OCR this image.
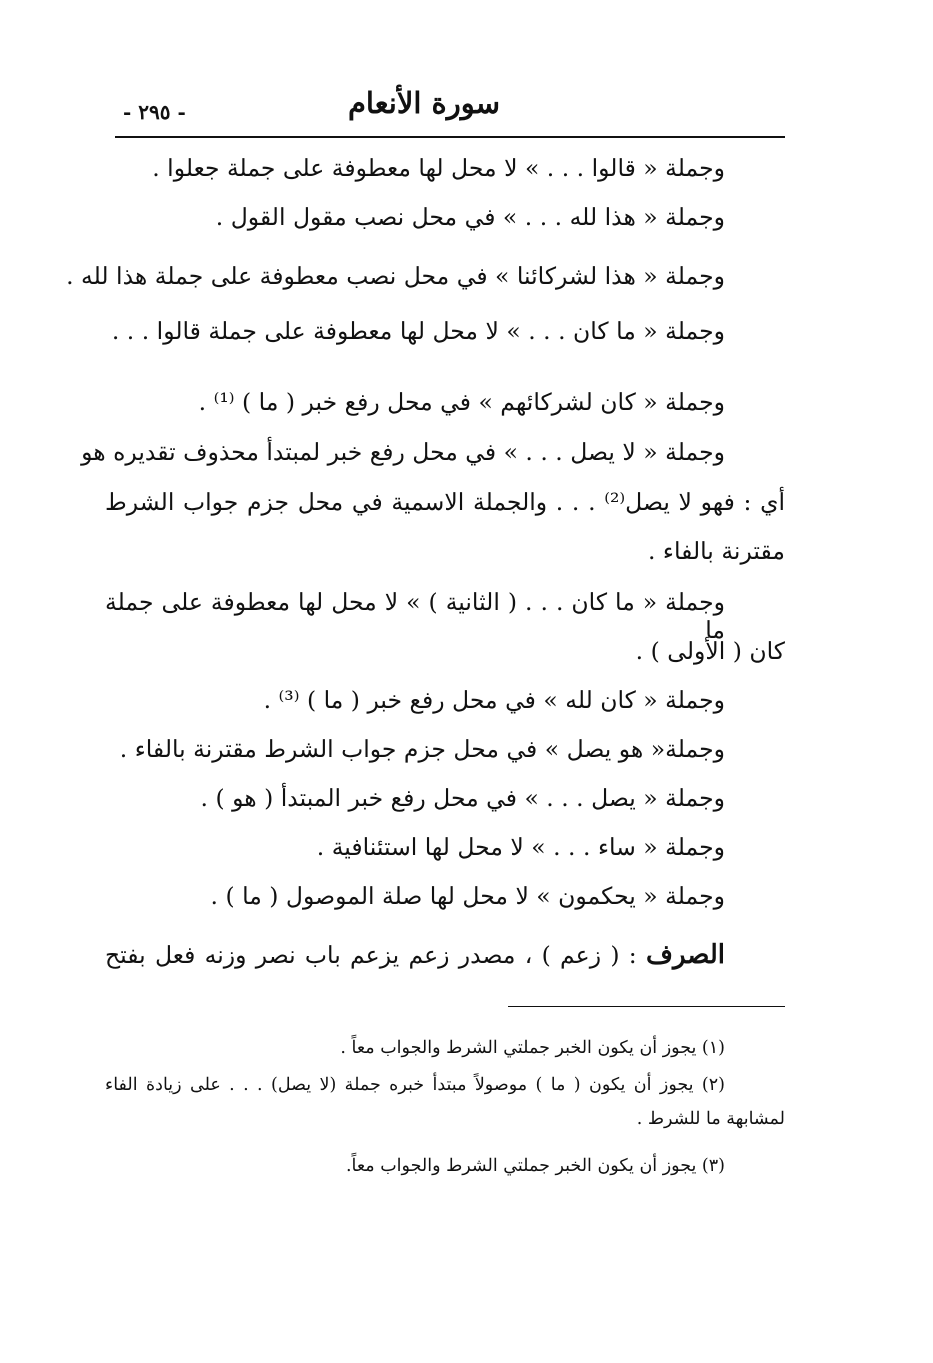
سورة الأنعام
- ٢٩٥ -
وجملة « قالوا . . . » لا محل لها معطوفة على جملة جعلوا .
وجملة « هذا لله . . . » في محل نصب مقول القول .
وجملة « هذا لشركائنا » في محل نصب معطوفة على جملة هذا لله .
وجملة « ما كان . . . » لا محل لها معطوفة على جملة قالوا . . .
وجملة « كان لشركائهم » في محل رفع خبر ( ما ) ⁽¹⁾ .
وجملة « لا يصل . . . » في محل رفع خبر لمبتدأ محذوف تقديره هو
أي : فهو لا يصل⁽²⁾ . . . والجملة الاسمية في محل جزم جواب الشرط
مقترنة بالفاء .
وجملة « ما كان . . . ( الثانية ) » لا محل لها معطوفة على جملة ما
كان ( الأولى ) .
وجملة « كان لله » في محل رفع خبر ( ما ) ⁽³⁾ .
وجملة« هو يصل » في محل جزم جواب الشرط مقترنة بالفاء .
وجملة « يصل . . . » في محل رفع خبر المبتدأ ( هو ) .
وجملة « ساء . . . » لا محل لها استئنافية .
وجملة « يحكمون » لا محل لها صلة الموصول ( ما ) .
الصرف : ( زعم ) ، مصدر زعم يزعم باب نصر وزنه فعل بفتح
(١) يجوز أن يكون الخبر جملتي الشرط والجواب معاً .
(٢) يجوز أن يكون ( ما ) موصولاً مبتدأ خبره جملة (لا يصل) . . . على زيادة الفاء
لمشابهة ما للشرط .
(٣) يجوز أن يكون الخبر جملتي الشرط والجواب معاً.
